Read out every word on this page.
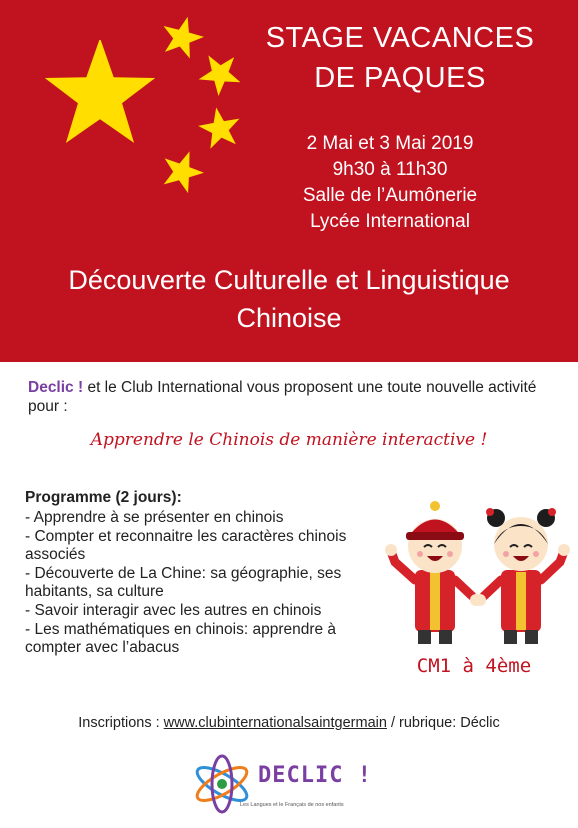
STAGE VACANCES
DE PAQUES
2 Mai et 3 Mai 2019
9h30 à 11h30
Salle de l’Aumônerie
Lycée International
Découverte Culturelle et Linguistique
Chinoise
Declic ! et le Club International vous proposent une toute nouvelle activité pour :
Apprendre le Chinois de manière interactive !
Programme (2 jours):
- Apprendre à se présenter en chinois
- Compter et reconnaitre les caractères chinois associés
- Découverte de La Chine: sa géographie, ses habitants, sa culture
- Savoir interagir avec les autres en chinois
- Les mathématiques en chinois: apprendre à compter avec l’abacus
CM1 à 4ème
Inscriptions : www.clubinternationalsaintgermain / rubrique: Déclic
DECLIC !
Les Langues et le Français de nos enfants
